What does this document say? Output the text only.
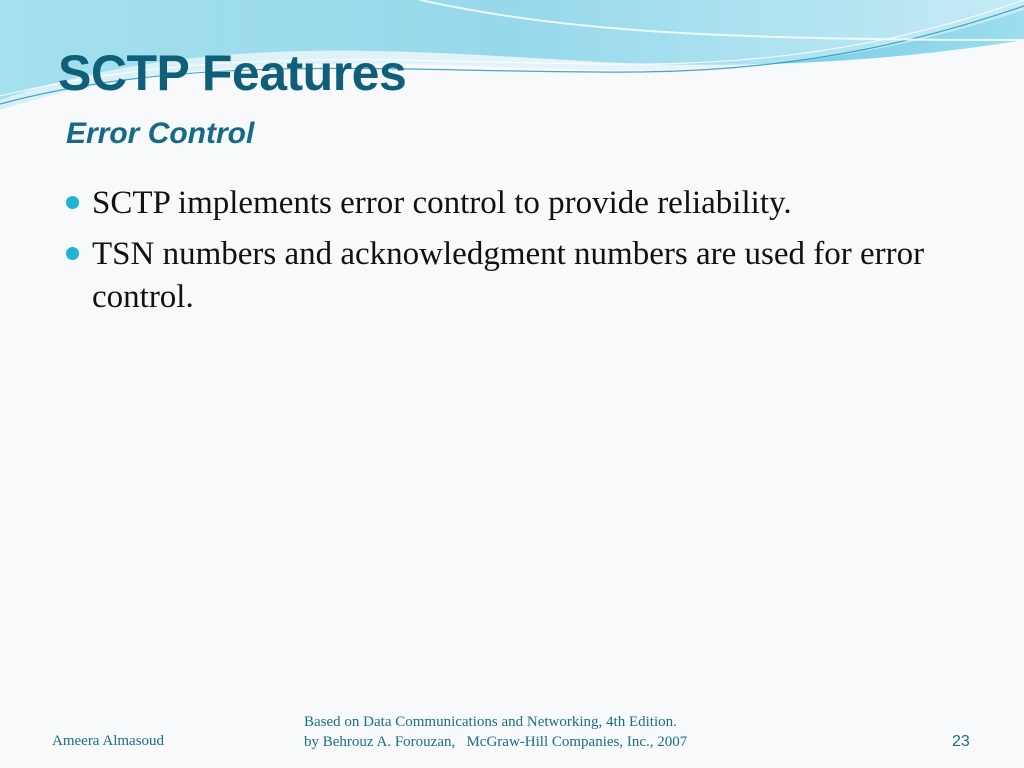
SCTP Features
Error Control
SCTP implements error control to provide reliability.
TSN numbers and acknowledgment numbers are used for error control.
Ameera Almasoud
Based on Data Communications and Networking, 4th Edition.
by Behrouz A. Forouzan,   McGraw-Hill Companies, Inc., 2007	23
